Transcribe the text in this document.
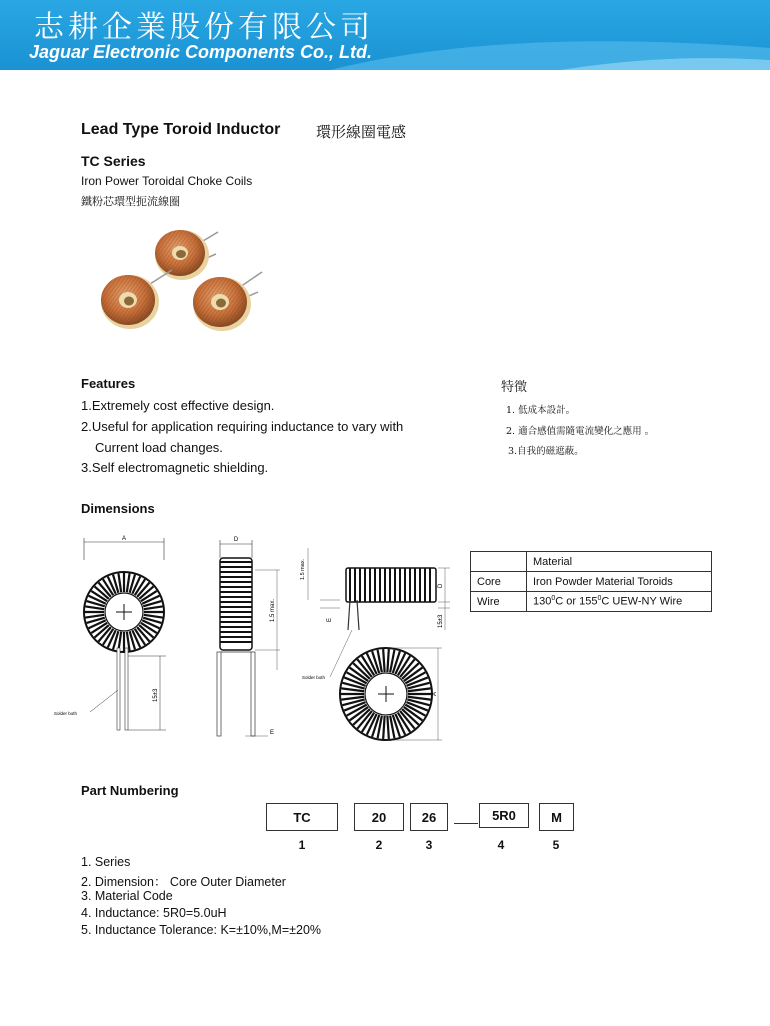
志耕企業股份有限公司
Jaguar Electronic Components Co., Ltd.
Lead Type Toroid Inductor 環形線圈電感
TC Series
Iron Power Toroidal Choke Coils
鐵粉芯環型扼流線圈
Features
1.Extremely cost effective design.
2.Useful for application requiring inductance to vary with
Current load changes.
3.Self electromagnetic shielding.
特徵
1. 低成本設計。
2. 適合感值需隨電流變化之應用 。
3.自我的磁遮蔽。
Dimensions
A
15±3
Solder both
D
1.5 max.
E
1.5 max.
E
D
15±3
Solder both
A
	Material
Core	Iron Powder Material Toroids
Wire	$130^0C$ or $155^0C$ UEW-NY Wire
Part Numbering
TC	20	26	5R0	M
1	2	3	4	5
1. Series
2. Dimension： Core Outer Diameter
3. Material Code
4. Inductance: 5R0=5.0uH
5. Inductance Tolerance: K=±10%,M=±20%
